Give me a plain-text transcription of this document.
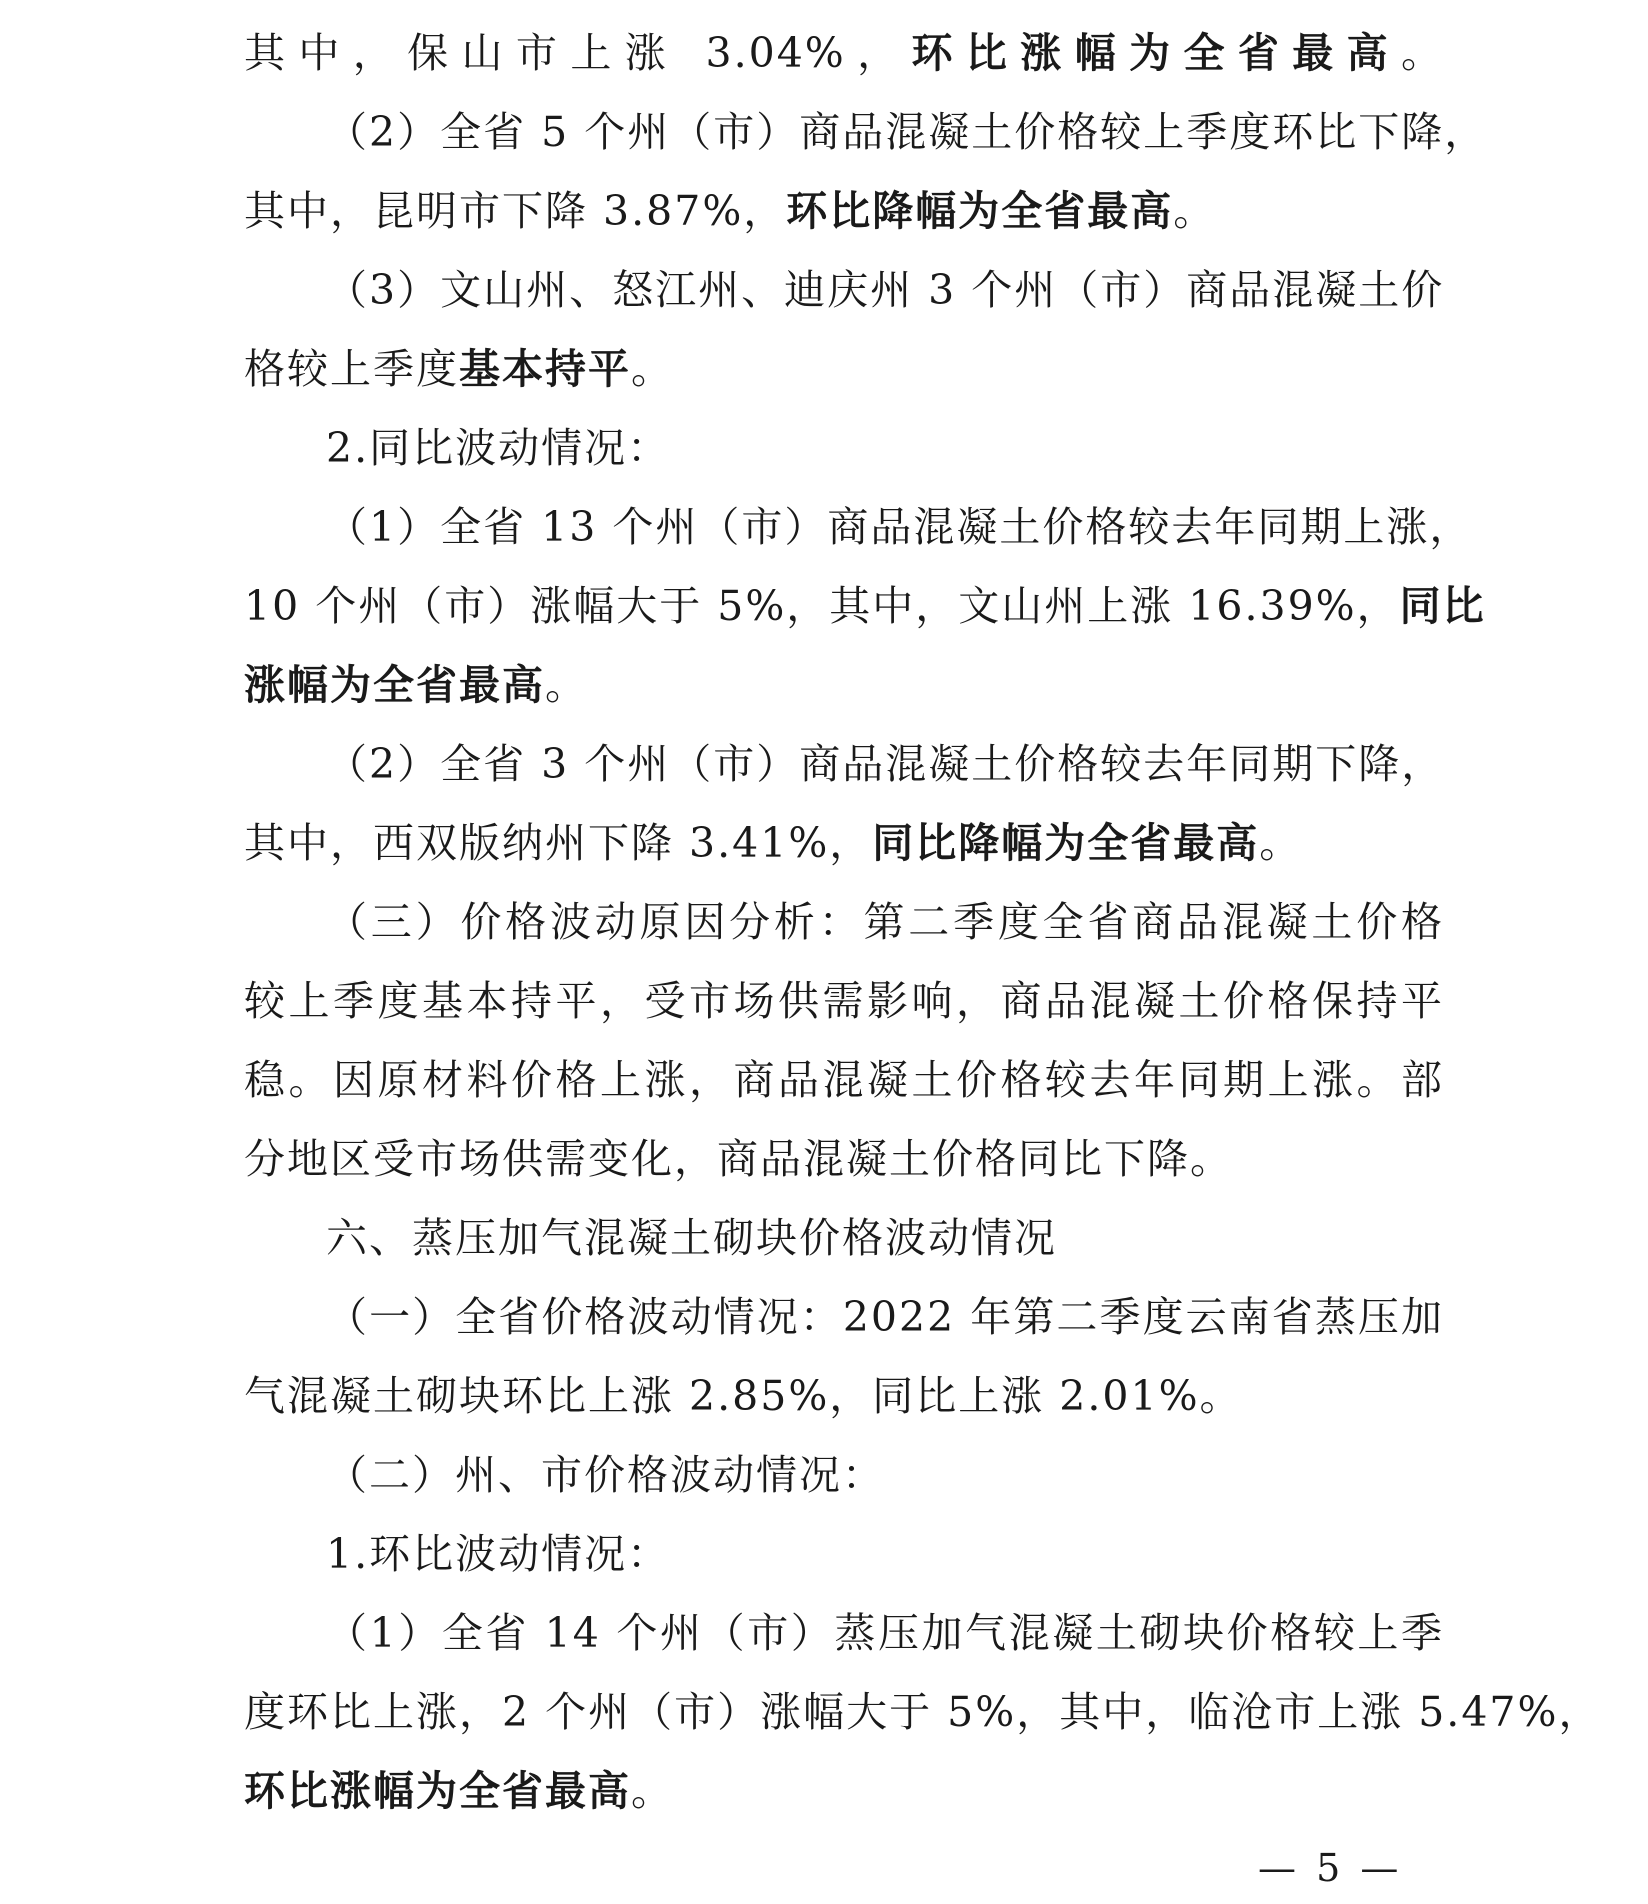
其中，保山市上涨 3.04%，环比涨幅为全省最高。
（2）全省 5 个州（市）商品混凝土价格较上季度环比下降，
其中，昆明市下降 3.87%，环比降幅为全省最高。
（3）文山州、怒江州、迪庆州 3 个州（市）商品混凝土价
格较上季度基本持平。
2.同比波动情况：
（1）全省 13 个州（市）商品混凝土价格较去年同期上涨，
10 个州（市）涨幅大于 5%，其中，文山州上涨 16.39%，同比
涨幅为全省最高。
（2）全省 3 个州（市）商品混凝土价格较去年同期下降，
其中，西双版纳州下降 3.41%，同比降幅为全省最高。
（三）价格波动原因分析：第二季度全省商品混凝土价格
较上季度基本持平，受市场供需影响，商品混凝土价格保持平
稳。因原材料价格上涨，商品混凝土价格较去年同期上涨。部
分地区受市场供需变化，商品混凝土价格同比下降。
六、蒸压加气混凝土砌块价格波动情况
（一）全省价格波动情况：2022 年第二季度云南省蒸压加
气混凝土砌块环比上涨 2.85%，同比上涨 2.01%。
（二）州、市价格波动情况：
1.环比波动情况：
（1）全省 14 个州（市）蒸压加气混凝土砌块价格较上季
度环比上涨，2 个州（市）涨幅大于 5%，其中，临沧市上涨 5.47%，
环比涨幅为全省最高。
— 5 —
